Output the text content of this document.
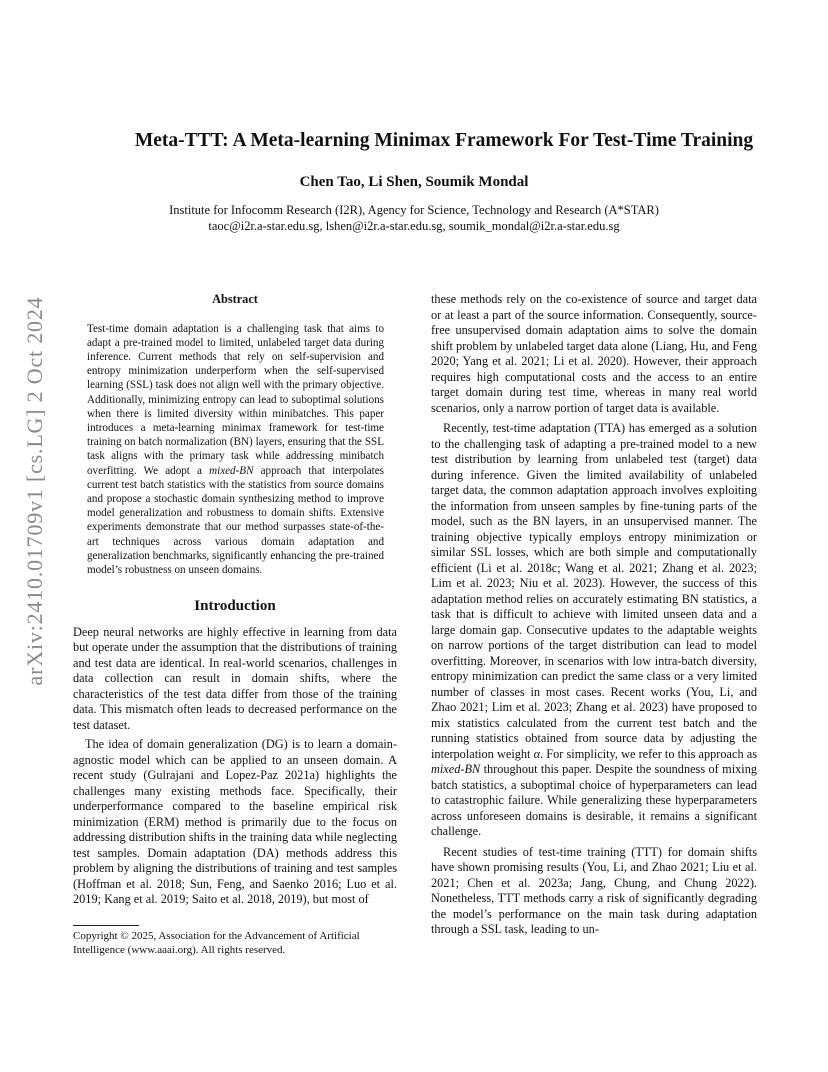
arXiv:2410.01709v1 [cs.LG] 2 Oct 2024
Meta-TTT: A Meta-learning Minimax Framework For Test-Time Training
Chen Tao, Li Shen, Soumik Mondal
Institute for Infocomm Research (I2R), Agency for Science, Technology and Research (A*STAR)
taoc@i2r.a-star.edu.sg, lshen@i2r.a-star.edu.sg, soumik_mondal@i2r.a-star.edu.sg
Abstract
Test-time domain adaptation is a challenging task that aims to adapt a pre-trained model to limited, unlabeled target data during inference. Current methods that rely on self-supervision and entropy minimization underperform when the self-supervised learning (SSL) task does not align well with the primary objective. Additionally, minimizing entropy can lead to suboptimal solutions when there is limited diversity within minibatches. This paper introduces a meta-learning minimax framework for test-time training on batch normalization (BN) layers, ensuring that the SSL task aligns with the primary task while addressing minibatch overfitting. We adopt a mixed-BN approach that interpolates current test batch statistics with the statistics from source domains and propose a stochastic domain synthesizing method to improve model generalization and robustness to domain shifts. Extensive experiments demonstrate that our method surpasses state-of-the-art techniques across various domain adaptation and generalization benchmarks, significantly enhancing the pre-trained model’s robustness on unseen domains.
Introduction

Deep neural networks are highly effective in learning from data but operate under the assumption that the distributions of training and test data are identical. In real-world scenarios, challenges in data collection can result in domain shifts, where the characteristics of the test data differ from those of the training data. This mismatch often leads to decreased performance on the test dataset.

The idea of domain generalization (DG) is to learn a domain-agnostic model which can be applied to an unseen domain. A recent study (Gulrajani and Lopez-Paz 2021a) highlights the challenges many existing methods face. Specifically, their underperformance compared to the baseline empirical risk minimization (ERM) method is primarily due to the focus on addressing distribution shifts in the training data while neglecting test samples. Domain adaptation (DA) methods address this problem by aligning the distributions of training and test samples (Hoffman et al. 2018; Sun, Feng, and Saenko 2016; Luo et al. 2019; Kang et al. 2019; Saito et al. 2018, 2019), but most of

these methods rely on the co-existence of source and target data or at least a part of the source information. Consequently, source-free unsupervised domain adaptation aims to solve the domain shift problem by unlabeled target data alone (Liang, Hu, and Feng 2020; Yang et al. 2021; Li et al. 2020). However, their approach requires high computational costs and the access to an entire target domain during test time, whereas in many real world scenarios, only a narrow portion of target data is available.

Recently, test-time adaptation (TTA) has emerged as a solution to the challenging task of adapting a pre-trained model to a new test distribution by learning from unlabeled test (target) data during inference. Given the limited availability of unlabeled target data, the common adaptation approach involves exploiting the information from unseen samples by fine-tuning parts of the model, such as the BN layers, in an unsupervised manner. The training objective typically employs entropy minimization or similar SSL losses, which are both simple and computationally efficient (Li et al. 2018c; Wang et al. 2021; Zhang et al. 2023; Lim et al. 2023; Niu et al. 2023). However, the success of this adaptation method relies on accurately estimating BN statistics, a task that is difficult to achieve with limited unseen data and a large domain gap. Consecutive updates to the adaptable weights on narrow portions of the target distribution can lead to model overfitting. Moreover, in scenarios with low intra-batch diversity, entropy minimization can predict the same class or a very limited number of classes in most cases. Recent works (You, Li, and Zhao 2021; Lim et al. 2023; Zhang et al. 2023) have proposed to mix statistics calculated from the current test batch and the running statistics obtained from source data by adjusting the interpolation weight α. For simplicity, we refer to this approach as mixed-BN throughout this paper. Despite the soundness of mixing batch statistics, a suboptimal choice of hyperparameters can lead to catastrophic failure. While generalizing these hyperparameters across unforeseen domains is desirable, it remains a significant challenge.

Recent studies of test-time training (TTT) for domain shifts have shown promising results (You, Li, and Zhao 2021; Liu et al. 2021; Chen et al. 2023a; Jang, Chung, and Chung 2022). Nonetheless, TTT methods carry a risk of significantly degrading the model’s performance on the main task during adaptation through a SSL task, leading to un-

Copyright © 2025, Association for the Advancement of Artificial Intelligence (www.aaai.org). All rights reserved.
